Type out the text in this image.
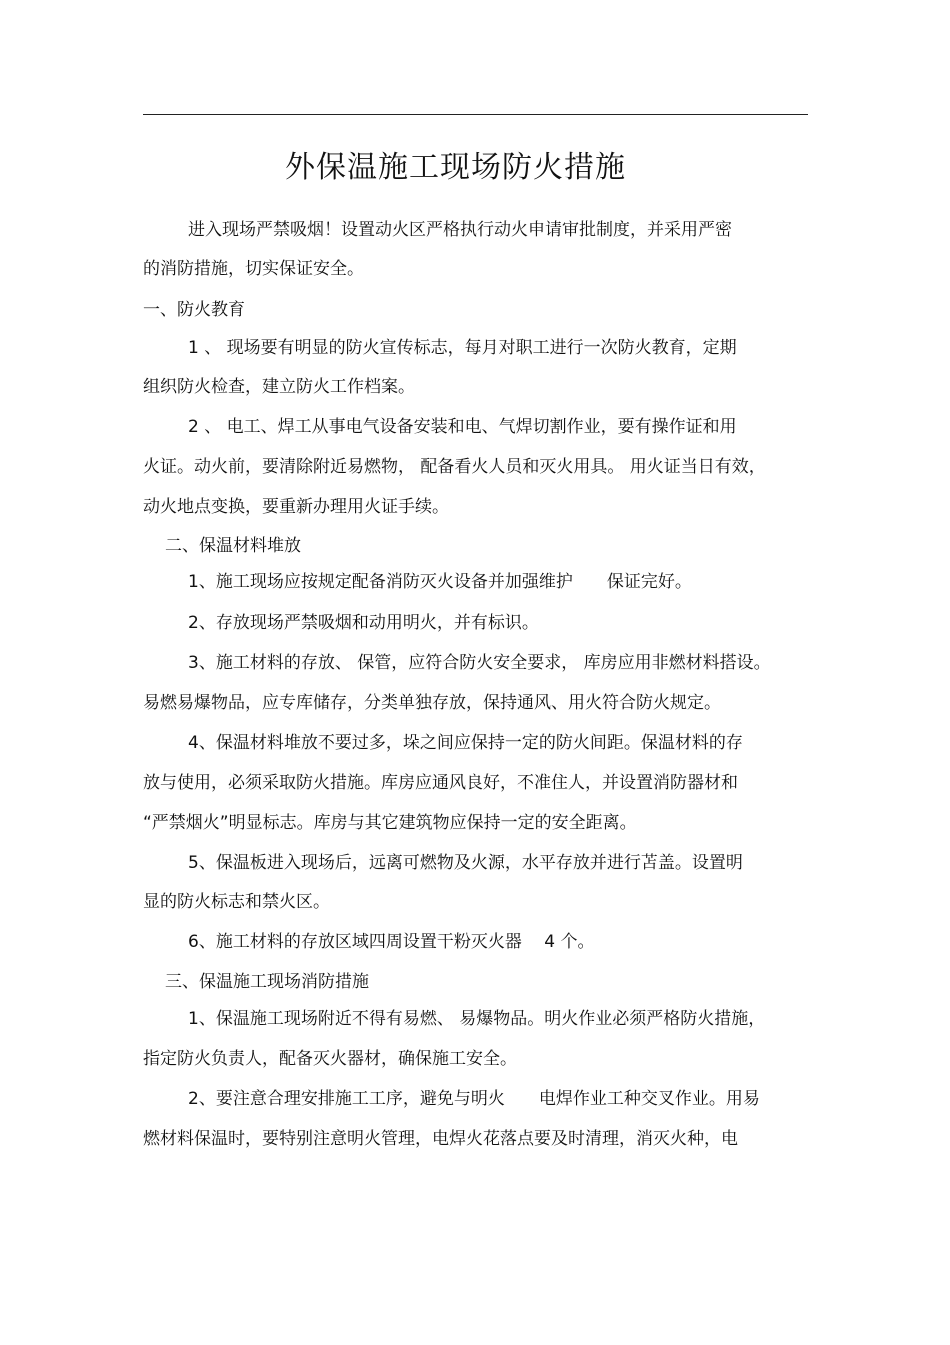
外保温施工现场防火措施
进入现场严禁吸烟！设置动火区严格执行动火申请审批制度，并采用严密
的消防措施，切实保证安全。
一、防火教育
1 、 现场要有明显的防火宣传标志，每月对职工进行一次防火教育，定期
组织防火检查，建立防火工作档案。
2 、 电工、焊工从事电气设备安装和电、气焊切割作业，要有操作证和用
火证。动火前，要清除附近易燃物， 配备看火人员和灭火用具。 用火证当日有效，
动火地点变换，要重新办理用火证手续。
二、保温材料堆放
1、施工现场应按规定配备消防灭火设备并加强维护　　保证完好。
2、存放现场严禁吸烟和动用明火，并有标识。
3、施工材料的存放、 保管，应符合防火安全要求， 库房应用非燃材料搭设。
易燃易爆物品，应专库储存，分类单独存放，保持通风、用火符合防火规定。
4、保温材料堆放不要过多，垛之间应保持一定的防火间距。保温材料的存
放与使用，必须采取防火措施。库房应通风良好，不准住人，并设置消防器材和
“严禁烟火”明显标志。库房与其它建筑物应保持一定的安全距离。
5、保温板进入现场后，远离可燃物及火源，水平存放并进行苫盖。设置明
显的防火标志和禁火区。
6、施工材料的存放区域四周设置干粉灭火器　 4 个。
三、保温施工现场消防措施
1、保温施工现场附近不得有易燃、 易爆物品。明火作业必须严格防火措施，
指定防火负责人，配备灭火器材，确保施工安全。
2、要注意合理安排施工工序，避免与明火　　电焊作业工种交叉作业。用易
燃材料保温时，要特别注意明火管理，电焊火花落点要及时清理，消灭火种，电
